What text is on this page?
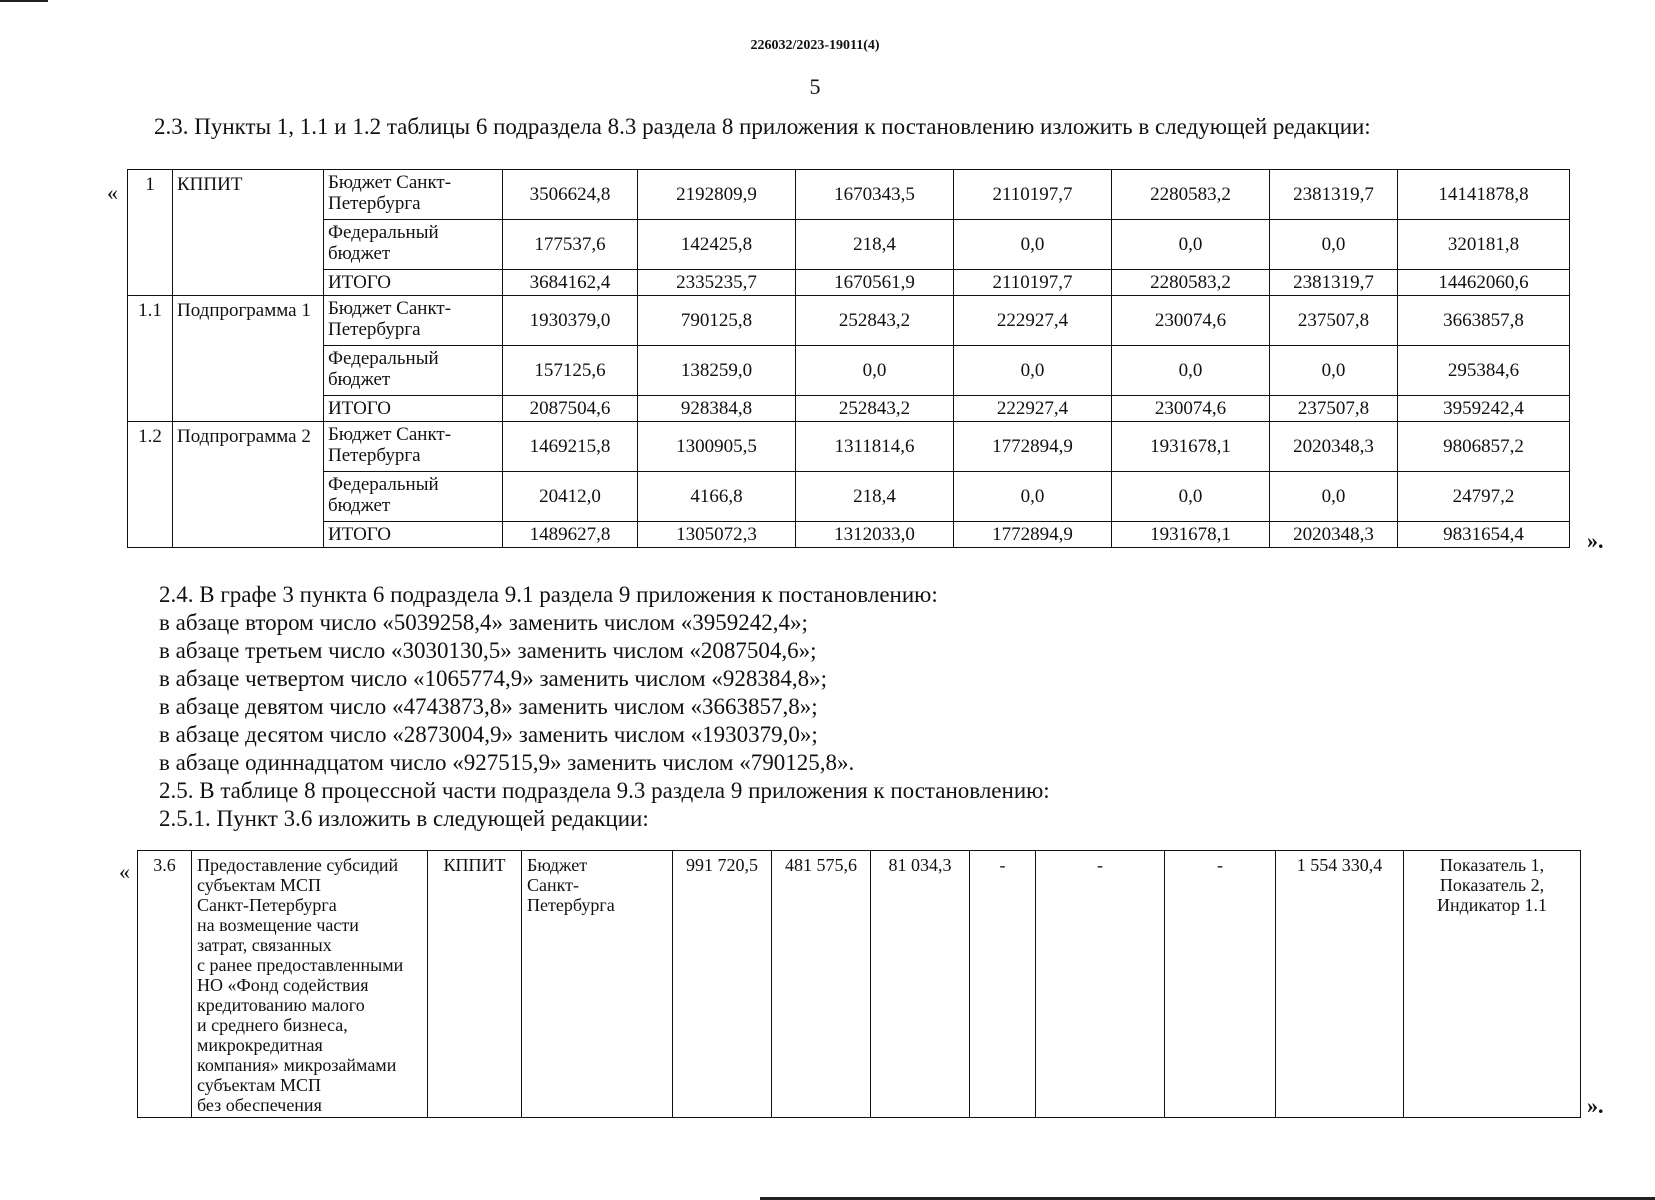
226032/2023-19011(4)
5
2.3. Пункты 1, 1.1 и 1.2 таблицы 6 подраздела 8.3 раздела 8 приложения к постановлению изложить в следующей редакции:
« 1	КППИТ	Бюджет Санкт-Петербурга	3506624,8	2192809,9	1670343,5	2110197,7	2280583,2	2381319,7	14141878,8
		Федеральный бюджет	177537,6	142425,8	218,4	0,0	0,0	0,0	320181,8
		ИТОГО	3684162,4	2335235,7	1670561,9	2110197,7	2280583,2	2381319,7	14462060,6
1.1	Подпрограмма 1	Бюджет Санкт-Петербурга	1930379,0	790125,8	252843,2	222927,4	230074,6	237507,8	3663857,8
		Федеральный бюджет	157125,6	138259,0	0,0	0,0	0,0	0,0	295384,6
		ИТОГО	2087504,6	928384,8	252843,2	222927,4	230074,6	237507,8	3959242,4
1.2	Подпрограмма 2	Бюджет Санкт-Петербурга	1469215,8	1300905,5	1311814,6	1772894,9	1931678,1	2020348,3	9806857,2
		Федеральный бюджет	20412,0	4166,8	218,4	0,0	0,0	0,0	24797,2
		ИТОГО	1489627,8	1305072,3	1312033,0	1772894,9	1931678,1	2020348,3	9831654,4	».
2.4. В графе 3 пункта 6 подраздела 9.1 раздела 9 приложения к постановлению:
в абзаце втором число «5039258,4» заменить числом «3959242,4»;
в абзаце третьем число «3030130,5» заменить числом «2087504,6»;
в абзаце четвертом число «1065774,9» заменить числом «928384,8»;
в абзаце девятом число «4743873,8» заменить числом «3663857,8»;
в абзаце десятом число «2873004,9» заменить числом «1930379,0»;
в абзаце одиннадцатом число «927515,9» заменить числом «790125,8».
2.5. В таблице 8 процессной части подраздела 9.3 раздела 9 приложения к постановлению:
2.5.1. Пункт 3.6 изложить в следующей редакции:
« 3.6	Предоставление субсидий
субъектам МСП
Санкт-Петербурга
на возмещение части
затрат, связанных
с ранее предоставленными
НО «Фонд содействия
кредитованию малого
и среднего бизнеса,
микрокредитная
компания» микрозаймами
субъектам МСП
без обеспечения
	КППИТ	Бюджет
Санкт-
Петербурга
	991 720,5	481 575,6	81 034,3	-	-	-	1 554 330,4	Показатель 1,
Показатель 2,
Индикатор 1.1
».
